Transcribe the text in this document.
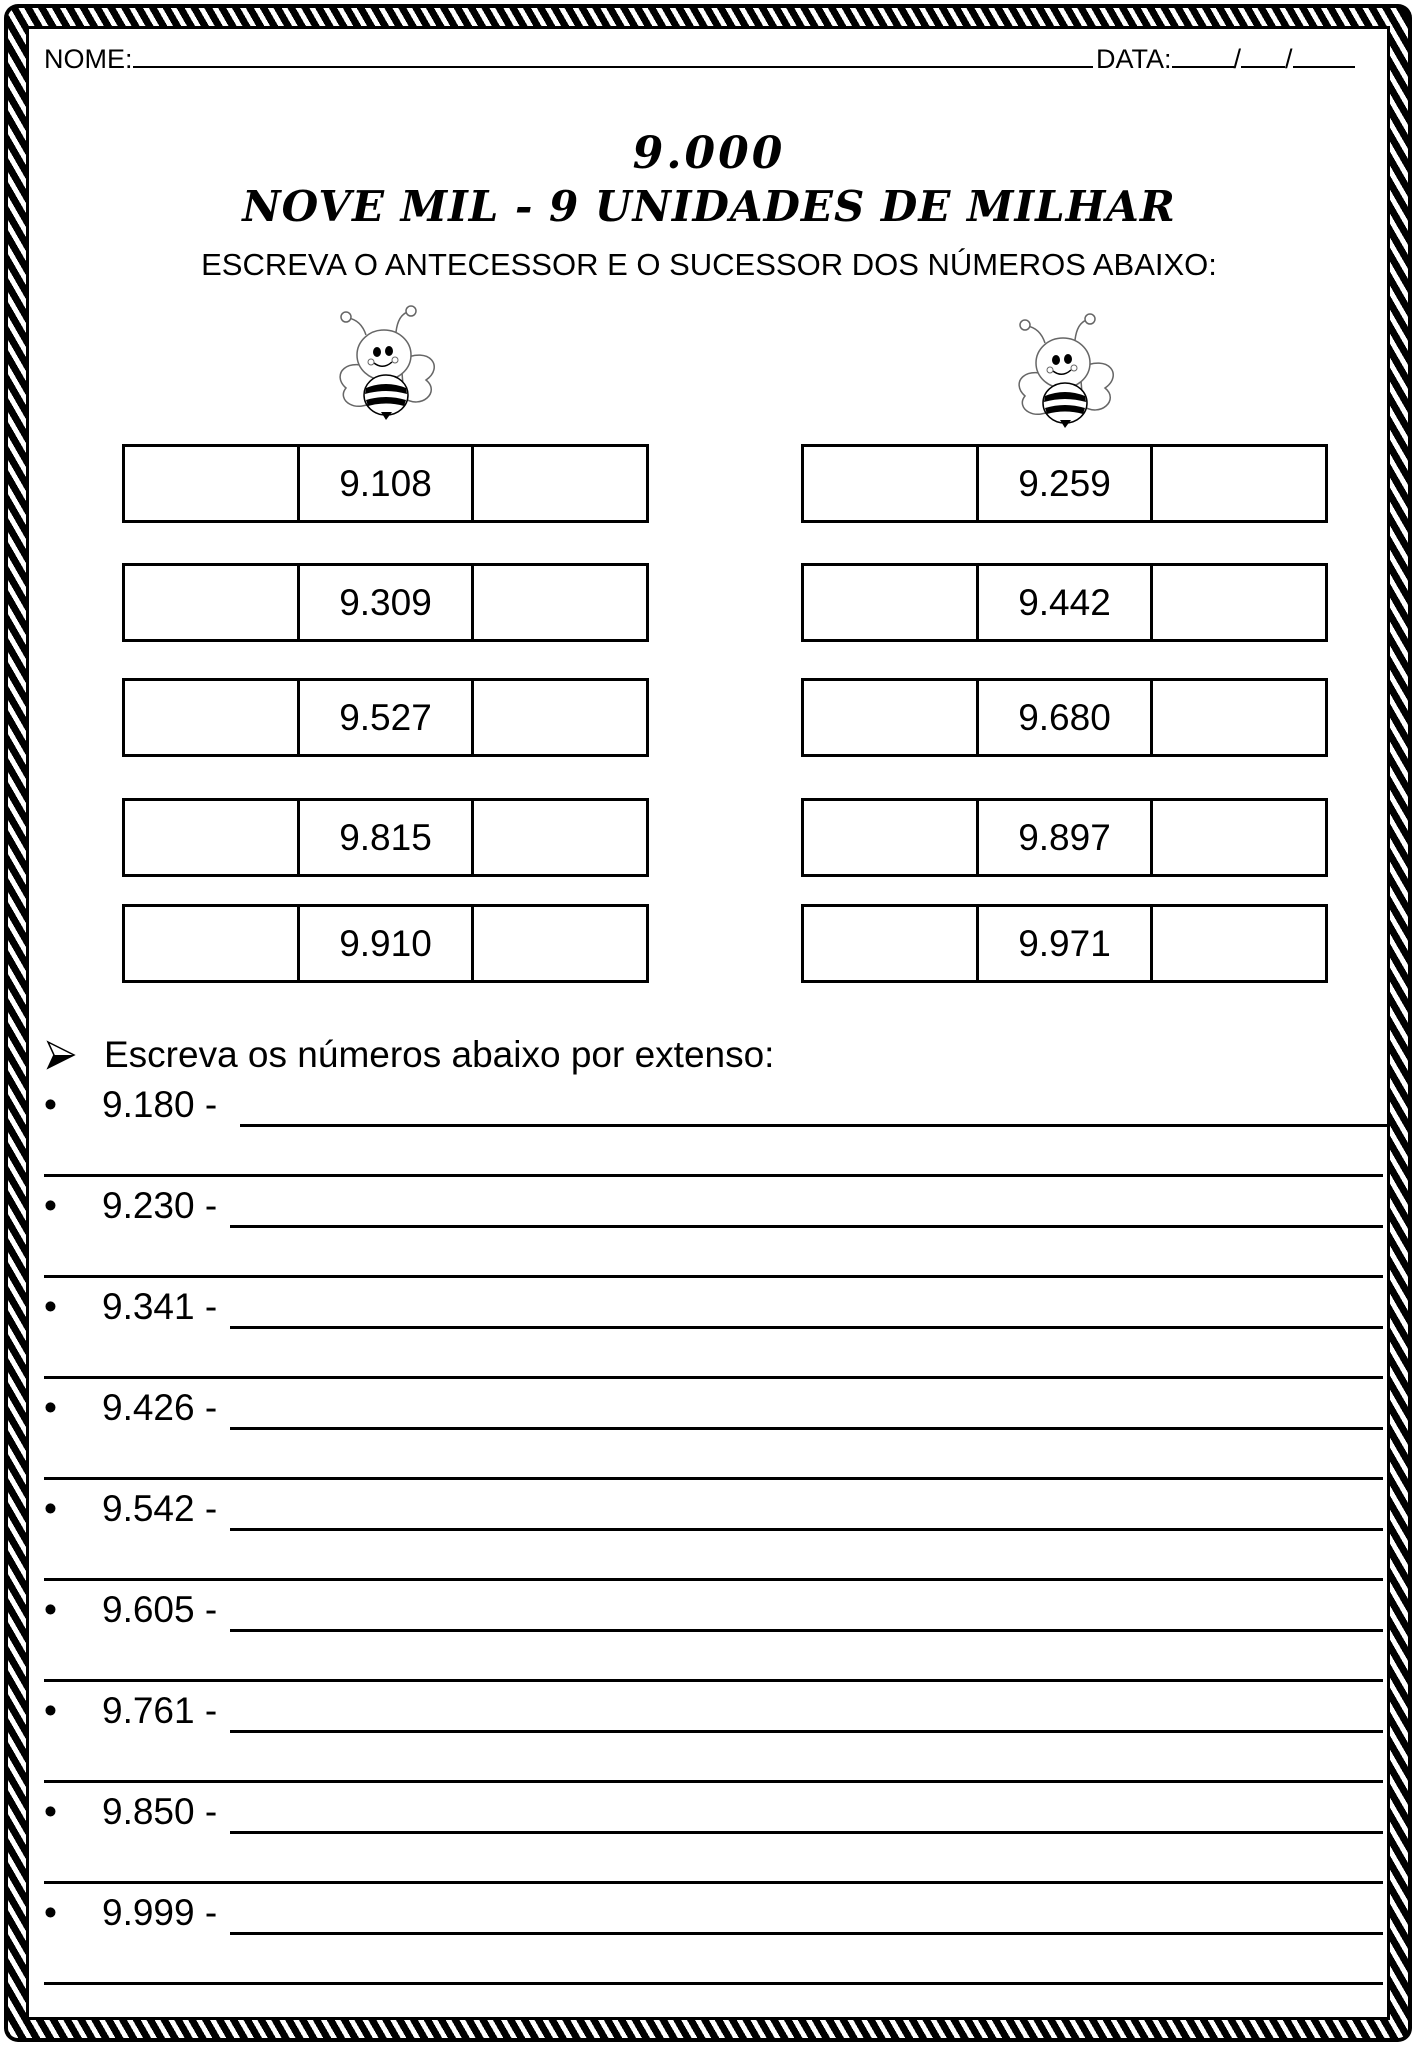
NOME:	DATA: / /
9.000
NOVE MIL - 9 UNIDADES DE MILHAR
ESCREVA O ANTECESSOR E O SUCESSOR DOS NÚMEROS ABAIXO:
9.108
9.309
9.527
9.815
9.910
9.259
9.442
9.680
9.897
9.971
Escreva os números abaixo por extenso:
• 9.180 -
• 9.230 -
• 9.341 -
• 9.426 -
• 9.542 -
• 9.605 -
• 9.761 -
• 9.850 -
• 9.999 -
